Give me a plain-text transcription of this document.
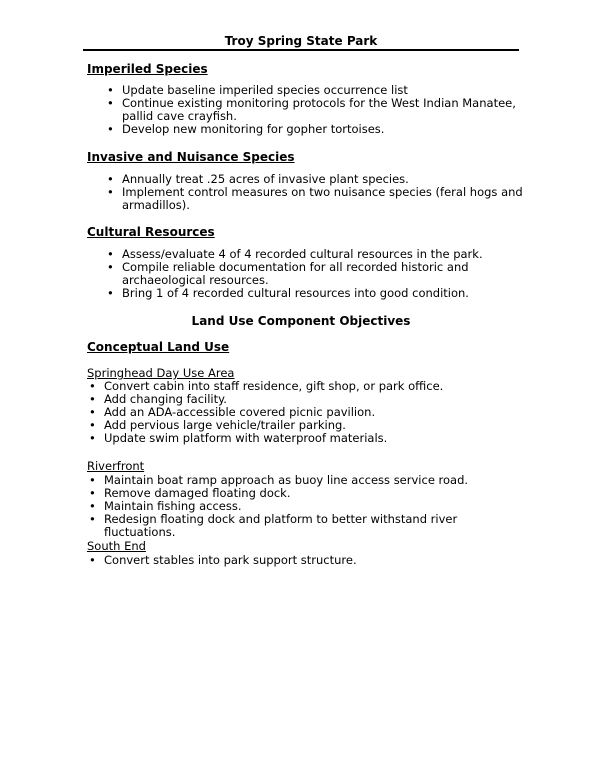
Troy Spring State Park
Imperiled Species
• Update baseline imperiled species occurrence list
• Continue existing monitoring protocols for the West Indian Manatee, pallid cave crayfish.
• Develop new monitoring for gopher tortoises.
Invasive and Nuisance Species
• Annually treat .25 acres of invasive plant species.
• Implement control measures on two nuisance species (feral hogs and armadillos).
Cultural Resources
• Assess/evaluate 4 of 4 recorded cultural resources in the park.
• Compile reliable documentation for all recorded historic and archaeological resources.
• Bring 1 of 4 recorded cultural resources into good condition.
Land Use Component Objectives
Conceptual Land Use
Springhead Day Use Area
• Convert cabin into staff residence, gift shop, or park office.
• Add changing facility.
• Add an ADA-accessible covered picnic pavilion.
• Add pervious large vehicle/trailer parking.
• Update swim platform with waterproof materials.
Riverfront
• Maintain boat ramp approach as buoy line access service road.
• Remove damaged floating dock.
• Maintain fishing access.
• Redesign floating dock and platform to better withstand river fluctuations.
South End
• Convert stables into park support structure.
